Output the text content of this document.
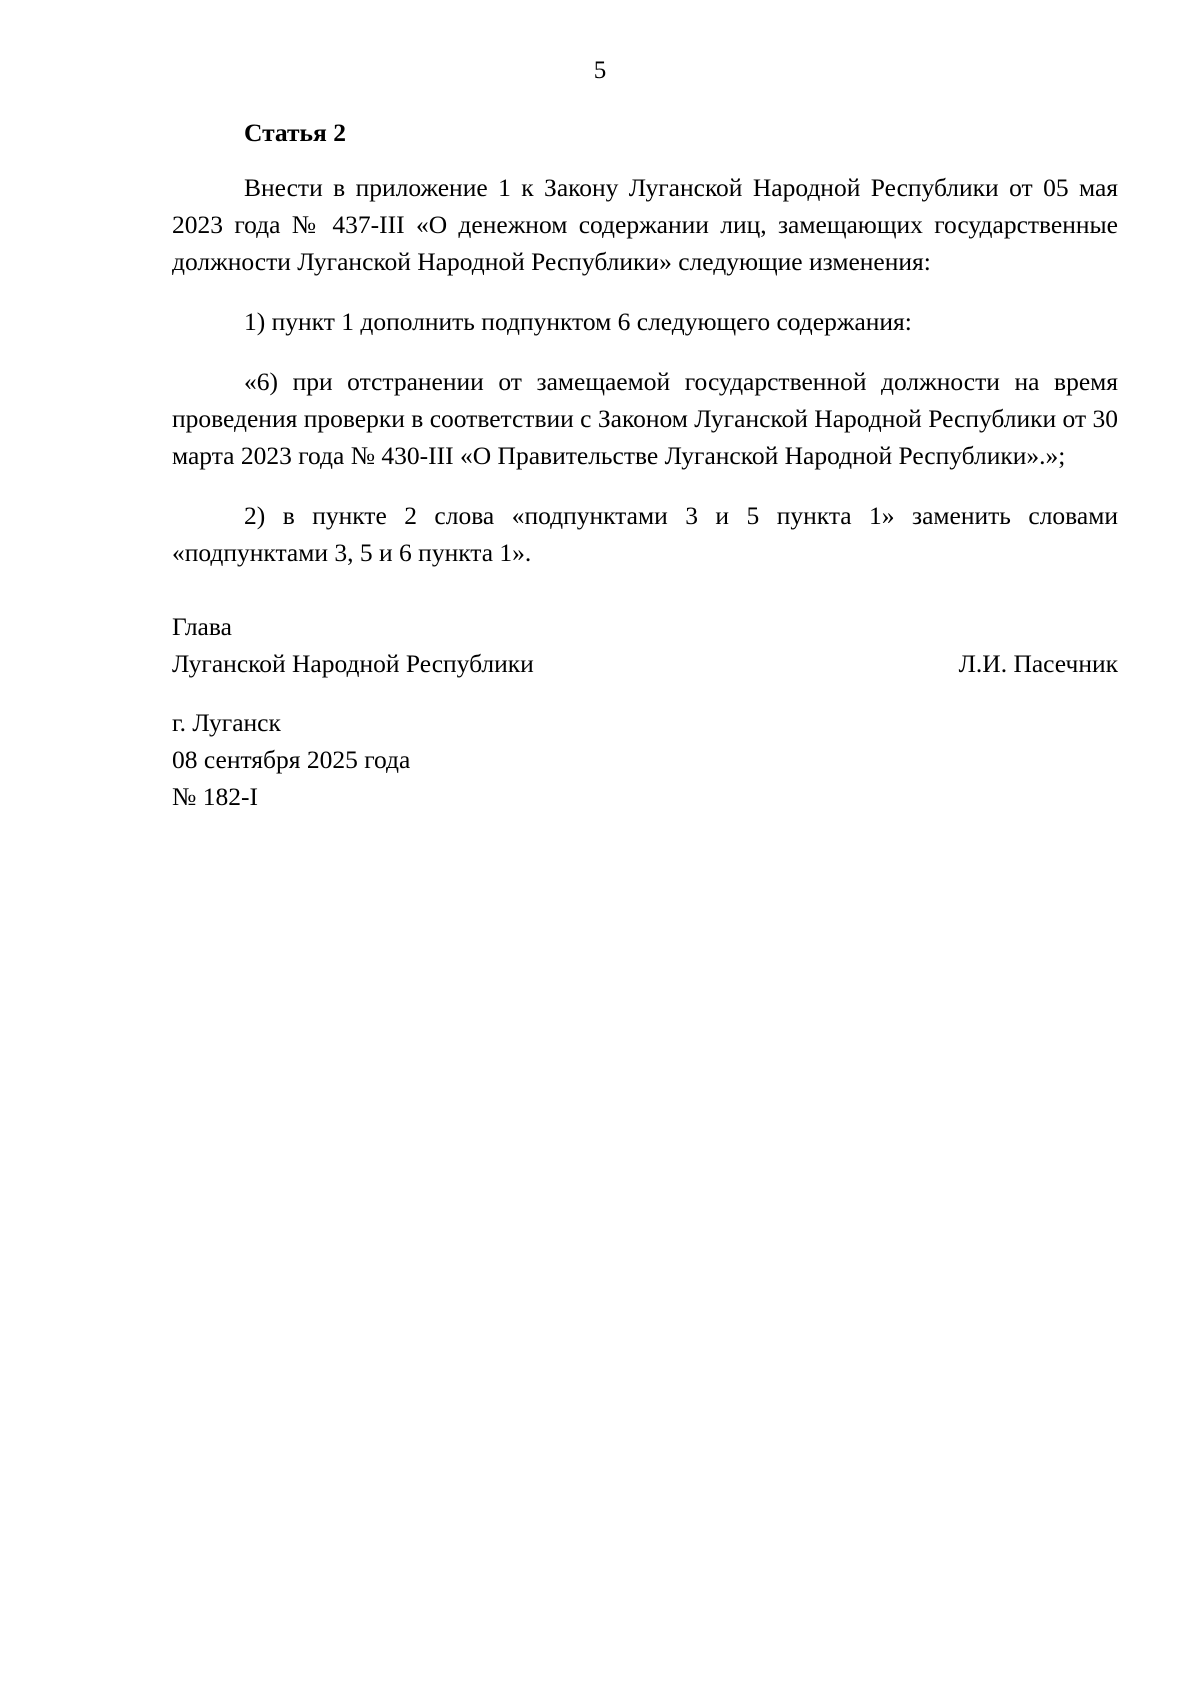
5

Статья 2

Внести в приложение 1 к Закону Луганской Народной Республики от 05 мая 2023 года № 437-III «О денежном содержании лиц, замещающих государственные должности Луганской Народной Республики» следующие изменения:

1) пункт 1 дополнить подпунктом 6 следующего содержания:

«6) при отстранении от замещаемой государственной должности на время проведения проверки в соответствии с Законом Луганской Народной Республики от 30 марта 2023 года № 430-III «О Правительстве Луганской Народной Республики».»;

2) в пункте 2 слова «подпунктами 3 и 5 пункта 1» заменить словами «подпунктами 3, 5 и 6 пункта 1».

Глава
Луганской Народной Республики	Л.И. Пасечник
г. Луганск
08 сентября 2025 года
№ 182-I
